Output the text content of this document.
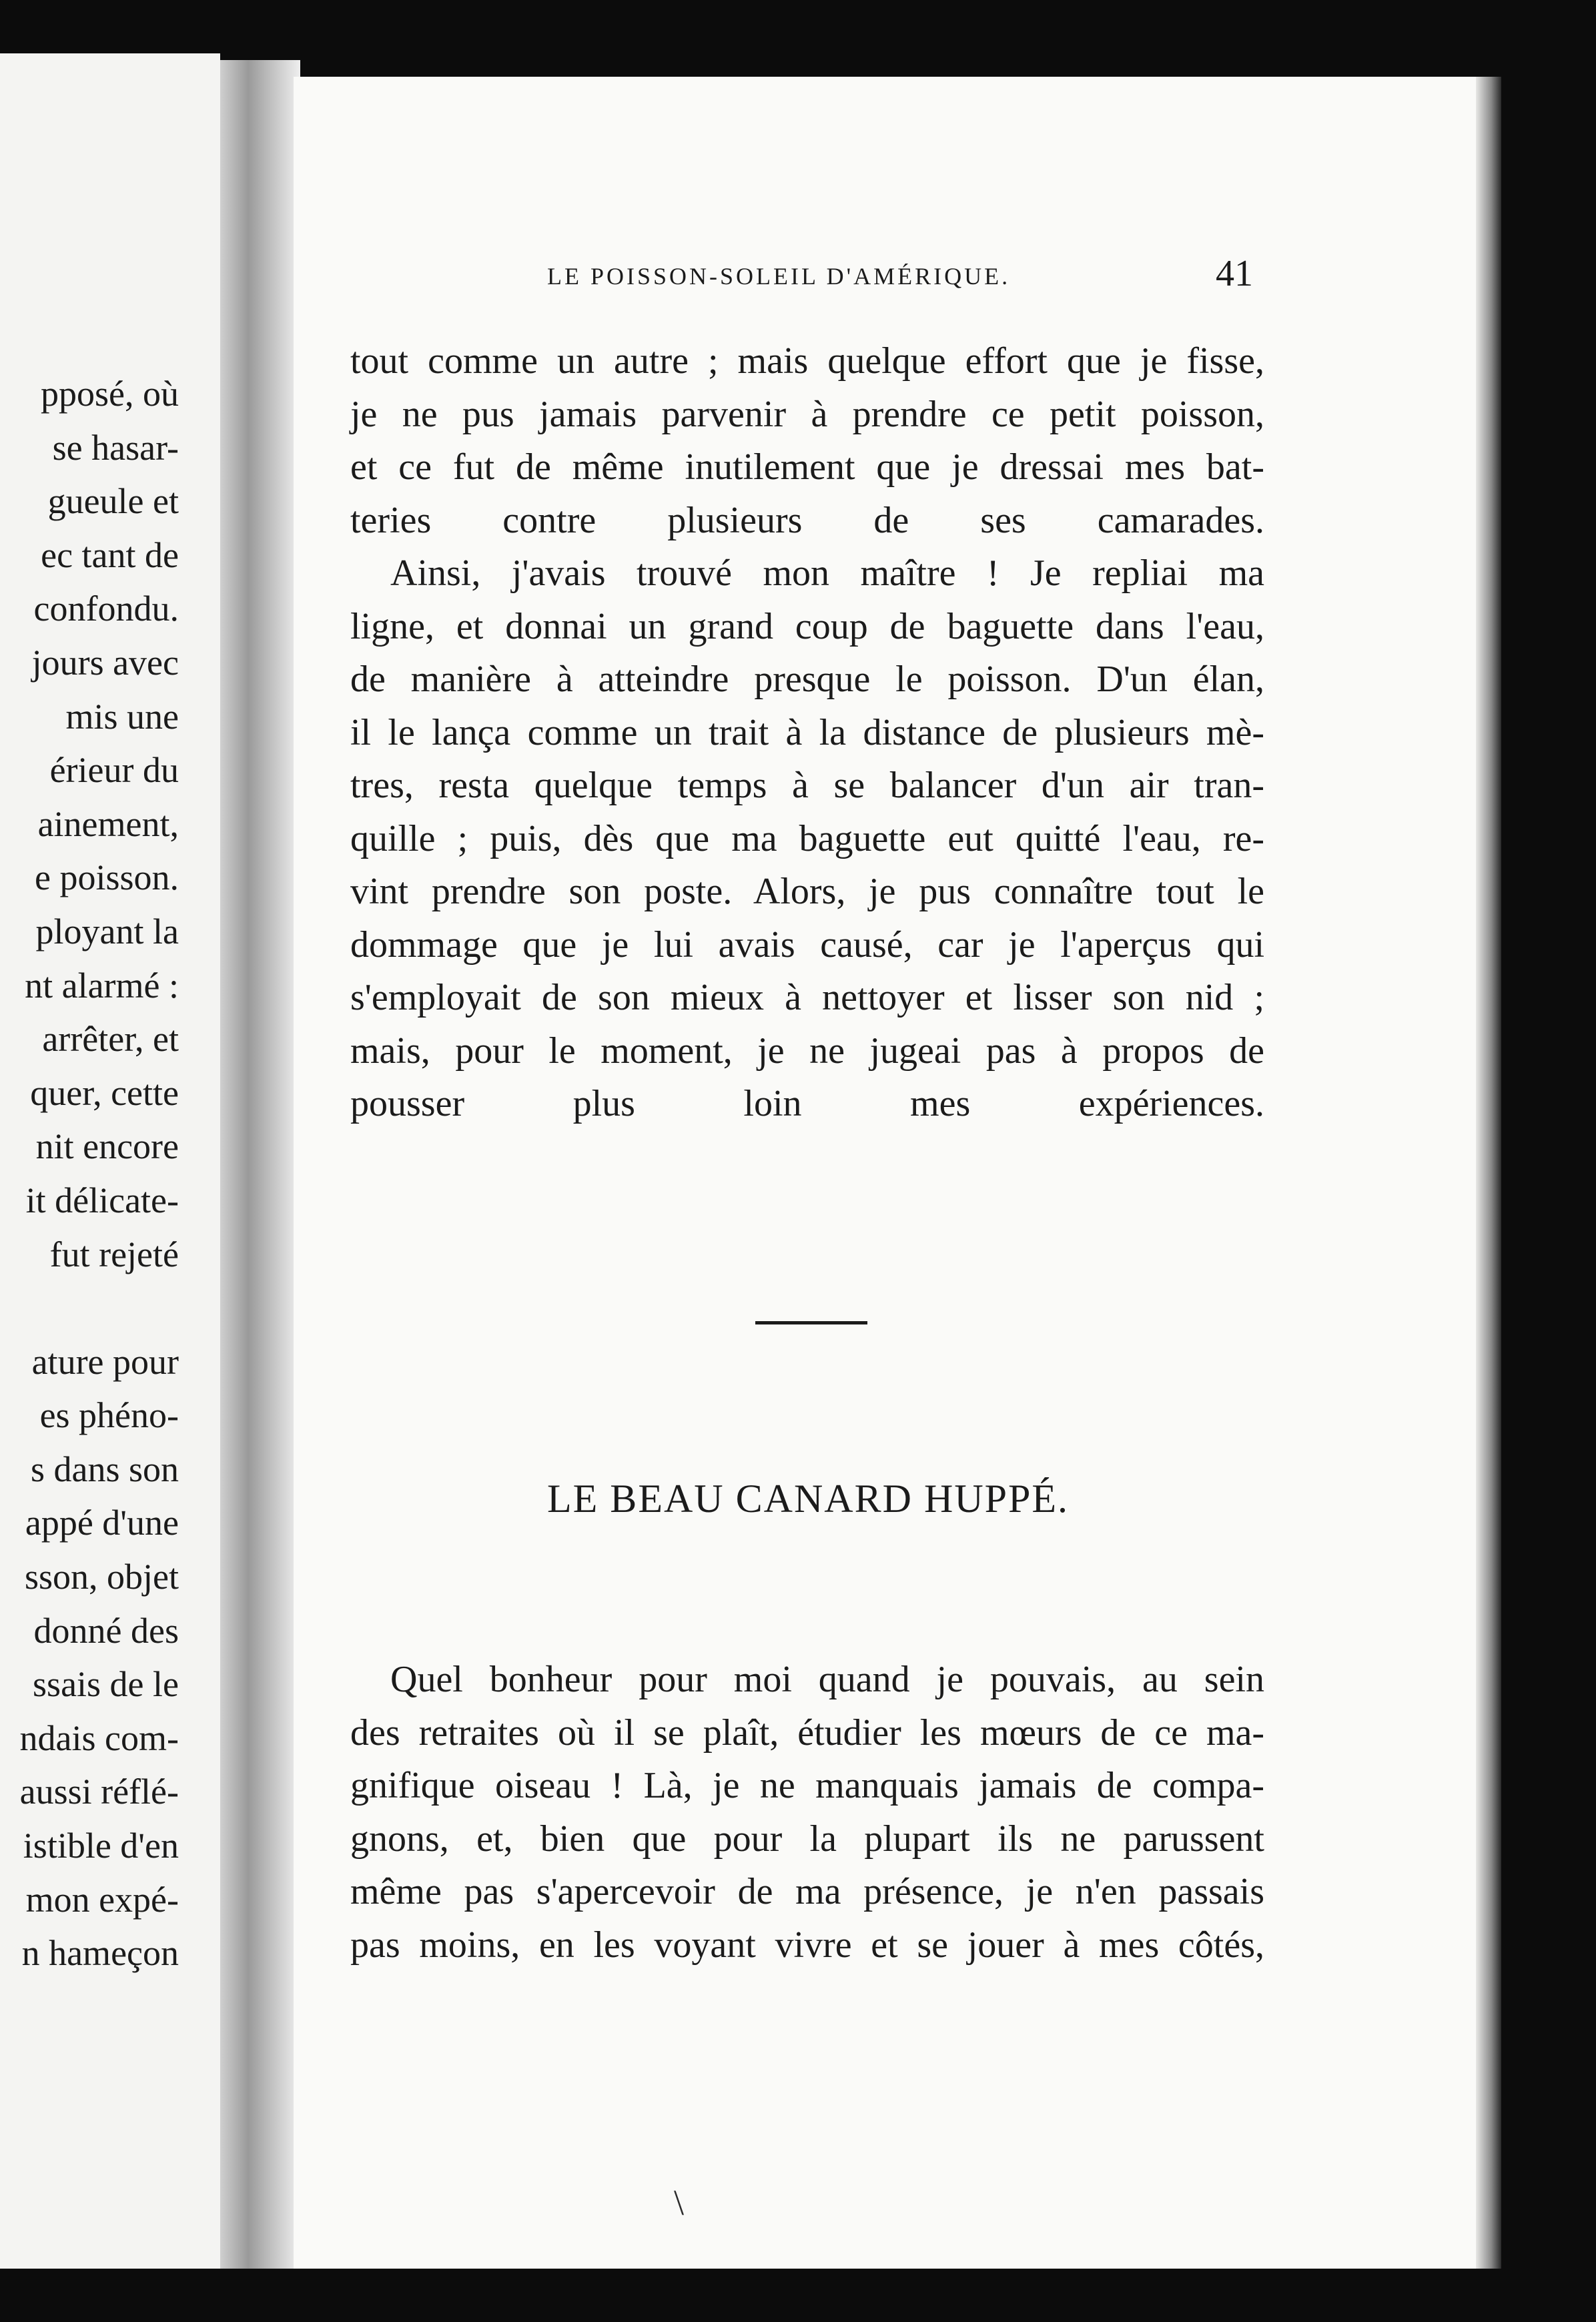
pposé, où
se hasar-
gueule et
ec tant de
confondu.
jours avec
mis une
érieur du
ainement,
e poisson.
ployant la
nt alarmé :
arrêter, et
quer, cette
nit encore
it délicate-
fut rejeté
ature pour
es phéno-
s dans son
appé d'une
sson, objet
donné des
ssais de le
ndais com-
aussi réflé-
istible d'en
mon expé-
n hameçon
LE POISSON-SOLEIL D'AMÉRIQUE.	41

tout comme un autre ; mais quelque effort que je fisse,
je ne pus jamais parvenir à prendre ce petit poisson,
et ce fut de même inutilement que je dressai mes bat-
teries contre plusieurs de ses camarades.

Ainsi, j'avais trouvé mon maître ! Je repliai ma
ligne, et donnai un grand coup de baguette dans l'eau,
de manière à atteindre presque le poisson. D'un élan,
il le lança comme un trait à la distance de plusieurs mè-
tres, resta quelque temps à se balancer d'un air tran-
quille ; puis, dès que ma baguette eut quitté l'eau, re-
vint prendre son poste. Alors, je pus connaître tout le
dommage que je lui avais causé, car je l'aperçus qui
s'employait de son mieux à nettoyer et lisser son nid ;
mais, pour le moment, je ne jugeai pas à propos de
pousser plus loin mes expériences.

LE BEAU CANARD HUPPÉ.

Quel bonheur pour moi quand je pouvais, au sein
des retraites où il se plaît, étudier les mœurs de ce ma-
gnifique oiseau ! Là, je ne manquais jamais de compa-
gnons, et, bien que pour la plupart ils ne parussent
même pas s'apercevoir de ma présence, je n'en passais
pas moins, en les voyant vivre et se jouer à mes côtés,

\
